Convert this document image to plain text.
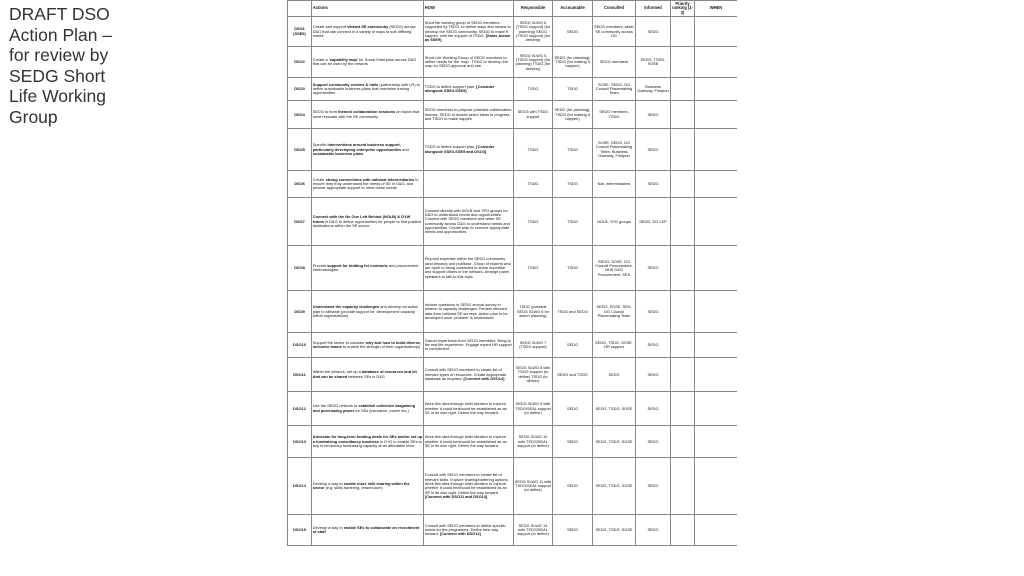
DRAFT DSO Action Plan – for review by SEDG Short Life Working Group
	Actions	HOW	Responsible	Accountable	Consulted	Informed	Priority ranking (1-3)	WHEN
DSO1 (SSE9)	Create and support vibrant SE community (SEDG) across D&G that can connect in a variety of ways to suit differing needs	Short life working group of SEDG members, supported by TSDG, to define ways and means to develop the SEDG community. SEDG to make it happen, with the support of TSDG. [Same Action as SSE9]	SEDG SLWG 6 (TSDG support) (for planning) SEDG (TSDG support) (for delivery)	SEDG	SEDG members, wider SE community across DG	SEDG		
DSO2	Create a ‘capability map’ for Social Enterprise across D&G that can be used by the network	Short Life Working Group of SEDG members to define needs for the ‘map’. TSDG to develop the map for SEDG approval and use.	SEDG SLWG 5 (TSDG support) (for planning) TSDG (for delivery)	SEDG (for planning), TSDG (for making it happen)	SEDG members	SEDG, TSDG, SOSE		
DSO3	Support community centres & halls (partnership with LR) to define sustainable business plans that maximise trading opportunities	TSDG to define support plan. [Consider alongside SSE3-SSE5]	TSDG	TSDG	SOSE, SEDG, DG Council Placemaking Team	Business Gateway, Firstport		
DSO4	SEDG to form themed collaboration sessions on topics that most resonate with the SE community	SEDG members to propose potential collaboration themes. SEDG to decide which ideas to progress and TSDG to make happen	SEDG with TSDG support	SEDG (for planning), TSDG (for making it happen)	SEDG members, TSDG	SEDG		
DSO5	Specific interventions around business support, particularly developing enterprise opportunities and sustainable business plans	TSDG to define support plan. [Consider alongside SSE3-SSE5 and DSO3]	TSDG	TSDG	SOSE, SEDG, DG Council Placemaking Team, Business Gateway, Firstport	SEDG		
DSO6	Create strong connections with national intermediaries to ensure they truly understand the needs of SE in D&G, and provide appropriate support to meet those needs		TSDG	TSDG	Nat. intermediaries	SEDG		
DSO7	Connect with the No One Left Behind (NOLB) & DYW teams in D&G to define opportunities for people to find positive destinations within the SE sector.	Connect directly with NOLB and YPG groups for D&G to understand needs and opportunities. Connect with SEDG members and wider SE community across D&G to understand needs and opportunities. Create plan to connect appropriate needs and opportunities.	TSDG	TSDG	NOLB, YPG groups	SEDG, DG LEP		
DSO8	Provide support for bidding for contracts and procurement methodologies	Pinpoint expertise within the SEDG community (and beyond) and publicise. Group of experts who are open to being contacted to share expertise and support others in the network. Arrange panel speakers to talk to this topic.	TSDG	TSDG	SEDG, SOSE, DG Council Procurement, NHS D&G Procurement, SES	SEDG		
DSO9	Understand the capacity challenges and develop an action plan to alleviate (provide support for ‘development’ capacity within organisations)	Include questions in SEDG annual survey in relation to capacity challenges. Review relevant data from national SE surveys. Action plan to be developed once ‘problem’ is understood.	TSDG (possible SEDG SLWG 6 for action planning)	TSDG and SEDG	SEDG, SOSE, SES, DG Council Placemaking Team	SEDG		
DSO10	Support the sector to consider why and how to build diverse, inclusive teams to enable the strength of their organisation(s)	Garner experience from SEDG members. Bring to life real life experience. Engage expert HR support to compliment.	SEDG SLWG 7 (TSDG support)	SEDG	SEDG, TSDG, SOSE, HR support	SEDG		
DSO11	Within the network, set up a database of resources and kit that can be shared between SEs in D&G	Consult with SEDG members to create list of relevant types of resources. Create appropriate database as required. [Connect with DSO14]	SEDG SLWG 8 with TSDG support (to define) TSDG (to deliver)	SEDG and TSDG	SEDG	SEDG		
DSO12	Use the SEDG network to establish collective bargaining and purchasing power for SEs (insurance, power etc.)	Work this idea through fuller ideation to explore whether it could be/should be established as an SE in its own right. Define the way forward.	SEDG SLWG 9 with TSDG/SEAL support (to define)	SEDG	SEDG, TSDG, SOSE	SEDG		
DSO13	Advocate for long-term funding deals for SEs and/or set up a fundraising consultancy business in D+G to enable SEs to buy in temporary fundraising capacity at an affordable level	Work this idea through fuller ideation to explore whether it could be/should be established as an SE in its own right. Define the way forward.	SEDG SLWG 10 with TSDG/SEAL support (to define)	SEDG	SEDG, TSDG, SOSE	SEDG		
DSO14	Develop a way to enable more skill sharing within the sector (e.g. skills bartering, lessercoom)	Consult with SEDG members to create list of relevant skills. Explore sharing/bartering options. Work this idea through fuller ideation to explore whether it could be/should be established as an SE in its own right. Define the way forward. [Connect with DSO11 and DSO14]	SEDG SLWG 11 with TSDG/SEAL support (to define)	SEDG	SEDG, TSDG, SOSE	SEDG		
DSO15	Develop a way to enable SEs to collaborate on recruitment of staff	Consult with SEDG members to define specific needs for the programme. Define best way forward. [Connect with DSO14]	SEDG SLWG 13 with TSDG/SEAL support (to define)	SEDG	SEDG, TSDG, SOSE	SEDG		
